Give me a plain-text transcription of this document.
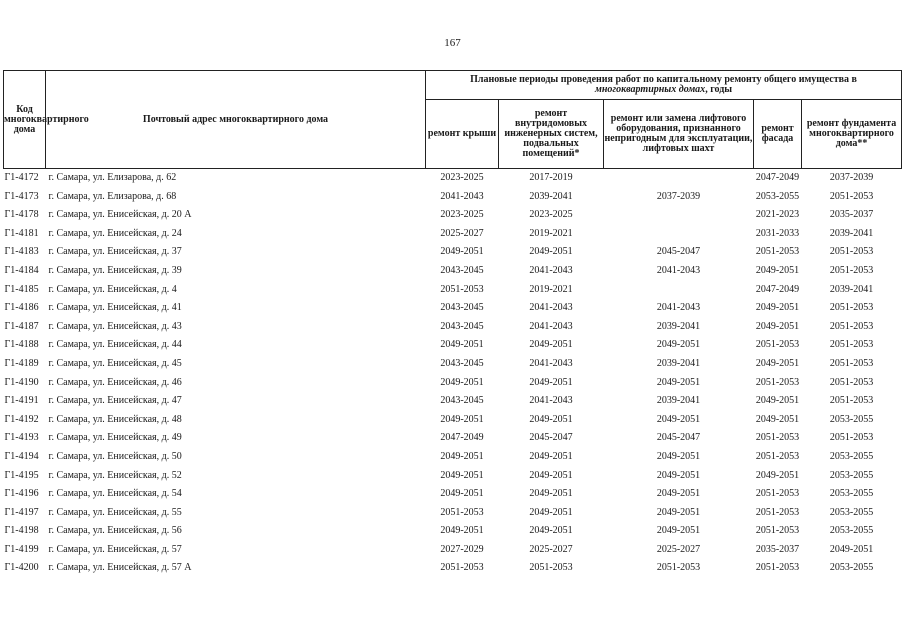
167
Код многоквартирного дома	Почтовый адрес многоквартирного дома	Плановые периоды проведения работ по капитальному ремонту общего имущества в
многоквартирных домах, годы				
		ремонт крыши	ремонт внутридомовых инженерных систем, подвальных помещений*	ремонт или замена лифтового оборудования, признанного непригодным для эксплуатации, лифтовых шахт	ремонт фасада	ремонт фундамента многоквартирного дома**
Г1-4172	г. Самара, ул. Елизарова, д. 62	2023-2025	2017-2019		2047-2049	2037-2039
Г1-4173	г. Самара, ул. Елизарова, д. 68	2041-2043	2039-2041	2037-2039	2053-2055	2051-2053
Г1-4178	г. Самара, ул. Енисейская, д. 20 А	2023-2025	2023-2025		2021-2023	2035-2037
Г1-4181	г. Самара, ул. Енисейская, д. 24	2025-2027	2019-2021		2031-2033	2039-2041
Г1-4183	г. Самара, ул. Енисейская, д. 37	2049-2051	2049-2051	2045-2047	2051-2053	2051-2053
Г1-4184	г. Самара, ул. Енисейская, д. 39	2043-2045	2041-2043	2041-2043	2049-2051	2051-2053
Г1-4185	г. Самара, ул. Енисейская, д. 4	2051-2053	2019-2021		2047-2049	2039-2041
Г1-4186	г. Самара, ул. Енисейская, д. 41	2043-2045	2041-2043	2041-2043	2049-2051	2051-2053
Г1-4187	г. Самара, ул. Енисейская, д. 43	2043-2045	2041-2043	2039-2041	2049-2051	2051-2053
Г1-4188	г. Самара, ул. Енисейская, д. 44	2049-2051	2049-2051	2049-2051	2051-2053	2051-2053
Г1-4189	г. Самара, ул. Енисейская, д. 45	2043-2045	2041-2043	2039-2041	2049-2051	2051-2053
Г1-4190	г. Самара, ул. Енисейская, д. 46	2049-2051	2049-2051	2049-2051	2051-2053	2051-2053
Г1-4191	г. Самара, ул. Енисейская, д. 47	2043-2045	2041-2043	2039-2041	2049-2051	2051-2053
Г1-4192	г. Самара, ул. Енисейская, д. 48	2049-2051	2049-2051	2049-2051	2049-2051	2053-2055
Г1-4193	г. Самара, ул. Енисейская, д. 49	2047-2049	2045-2047	2045-2047	2051-2053	2051-2053
Г1-4194	г. Самара, ул. Енисейская, д. 50	2049-2051	2049-2051	2049-2051	2051-2053	2053-2055
Г1-4195	г. Самара, ул. Енисейская, д. 52	2049-2051	2049-2051	2049-2051	2049-2051	2053-2055
Г1-4196	г. Самара, ул. Енисейская, д. 54	2049-2051	2049-2051	2049-2051	2051-2053	2053-2055
Г1-4197	г. Самара, ул. Енисейская, д. 55	2051-2053	2049-2051	2049-2051	2051-2053	2053-2055
Г1-4198	г. Самара, ул. Енисейская, д. 56	2049-2051	2049-2051	2049-2051	2051-2053	2053-2055
Г1-4199	г. Самара, ул. Енисейская, д. 57	2027-2029	2025-2027	2025-2027	2035-2037	2049-2051
Г1-4200	г. Самара, ул. Енисейская, д. 57 А	2051-2053	2051-2053	2051-2053	2051-2053	2053-2055
